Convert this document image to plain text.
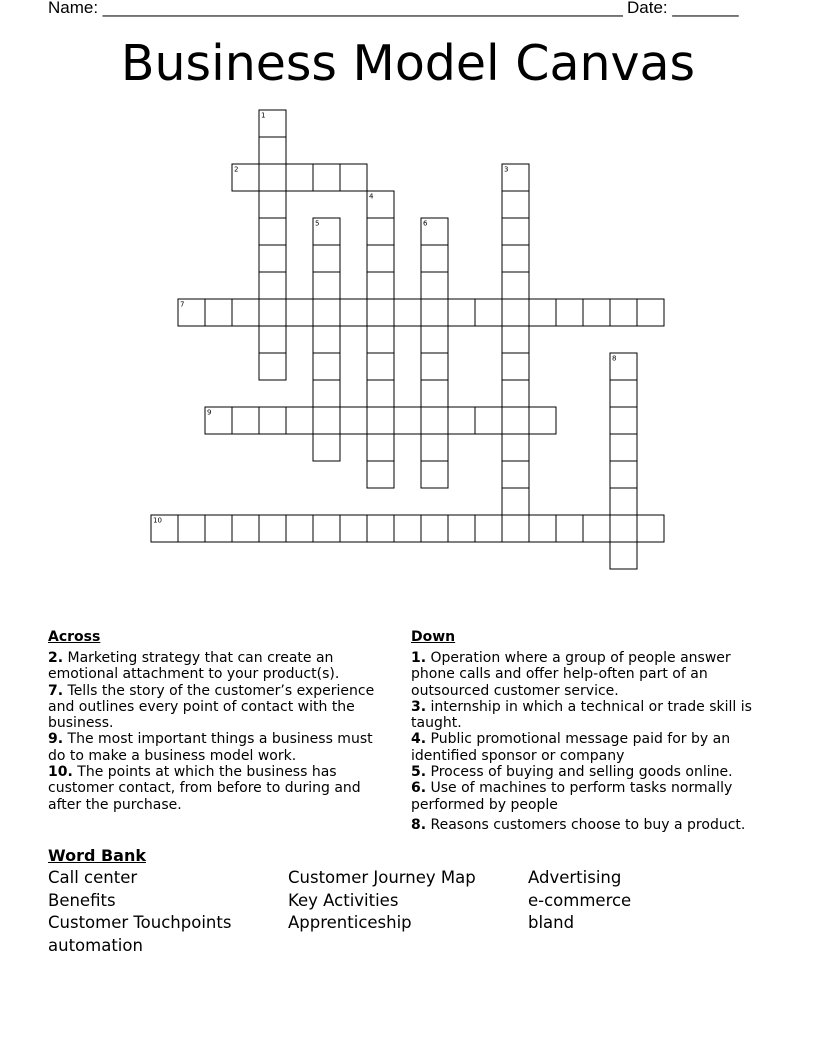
Name: _______________________________________________________ Date: _______
Business Model Canvas
1
2	3
4
5	6
7
8
9
10
Across
2. Marketing strategy that can create an emotional attachment to your product(s).
7. Tells the story of the customer’s experience and outlines every point of contact with the business.
9. The most important things a business must do to make a business model work.
10. The points at which the business has customer contact, from before to during and after the purchase.
Down
1. Operation where a group of people answer phone calls and offer help-often part of an outsourced customer service.
3. internship in which a technical or trade skill is taught.
4. Public promotional message paid for by an identified sponsor or company
5. Process of buying and selling goods online.
6. Use of machines to perform tasks normally performed by people
8. Reasons customers choose to buy a product.
Word Bank
Call center	Customer Journey Map	Advertising
Benefits	Key Activities	e-commerce
Customer Touchpoints	Apprenticeship	bland
automation
